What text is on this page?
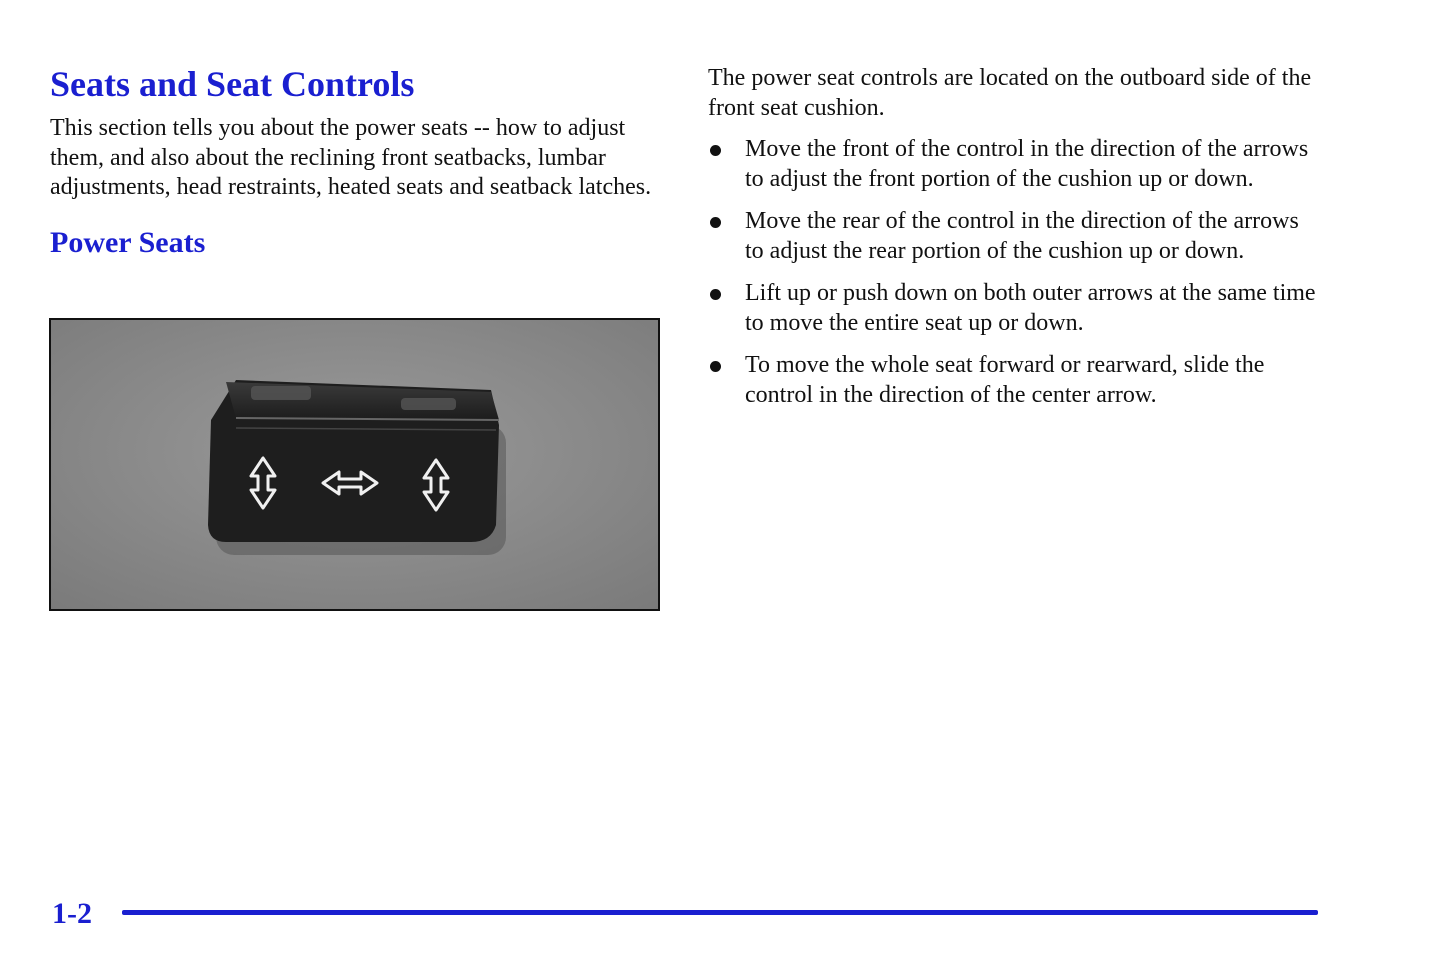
Seats and Seat Controls

This section tells you about the power seats -- how to adjust them, and also about the reclining front seatbacks, lumbar adjustments, head restraints, heated seats and seatback latches.

Power Seats

The power seat controls are located on the outboard side of the front seat cushion.

Move the front of the control in the direction of the arrows to adjust the front portion of the cushion up or down.
Move the rear of the control in the direction of the arrows to adjust the rear portion of the cushion up or down.
Lift up or push down on both outer arrows at the same time to move the entire seat up or down.
To move the whole seat forward or rearward, slide the control in the direction of the center arrow.
1-2
